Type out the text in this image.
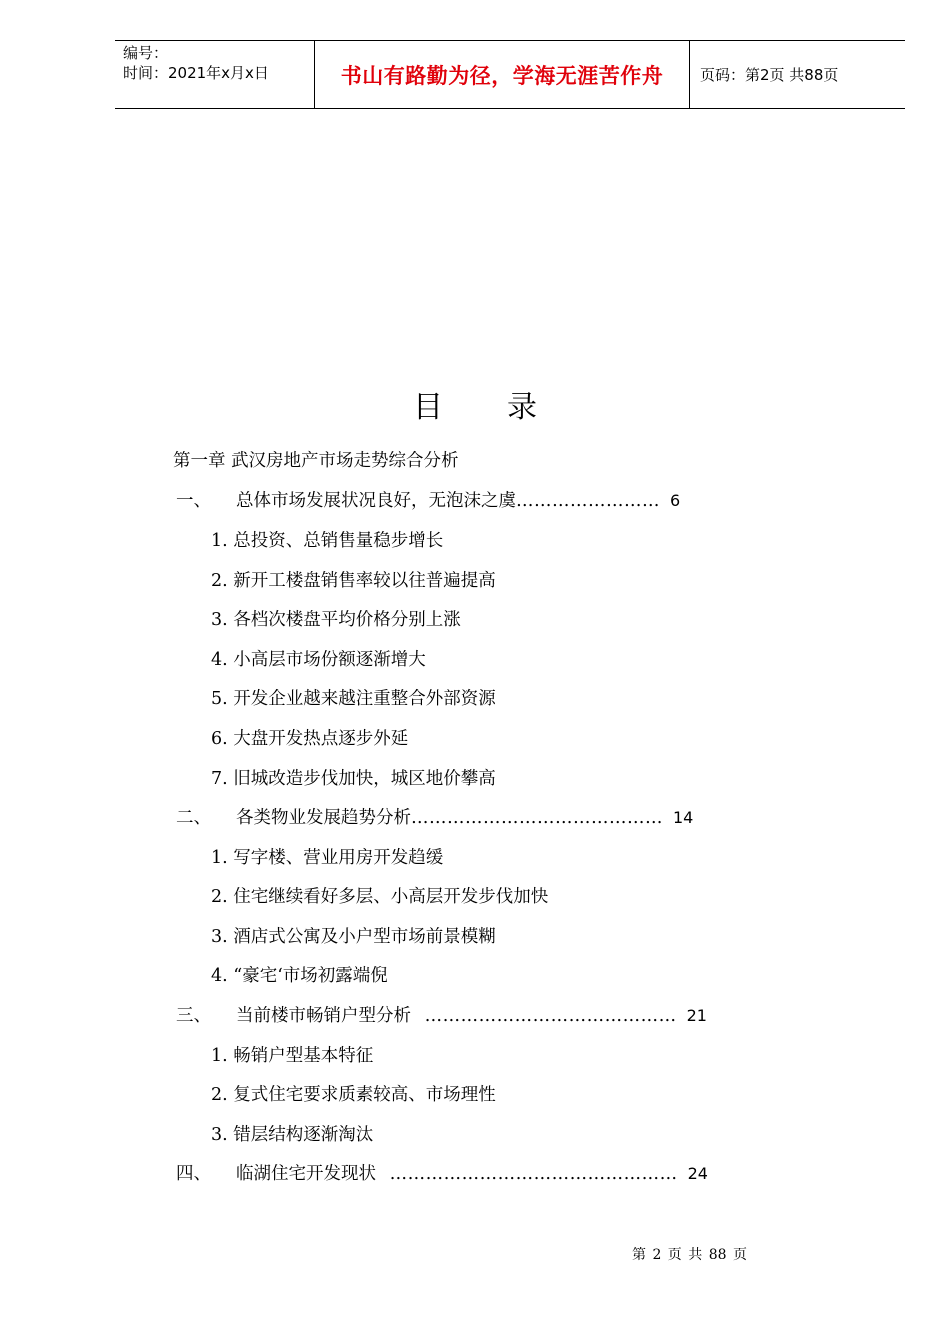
编号：
时间：2021年x月x日	书山有路勤为径，学海无涯苦作舟	页码：第2页 共88页
目录
第一章 武汉房地产市场走势综合分析
一、 总体市场发展状况良好，无泡沫之虞…………………… 6
1. 总投资、总销售量稳步增长
2. 新开工楼盘销售率较以往普遍提高
3. 各档次楼盘平均价格分别上涨
4. 小高层市场份额逐渐增大
5. 开发企业越来越注重整合外部资源
6. 大盘开发热点逐步外延
7. 旧城改造步伐加快，城区地价攀高
二、 各类物业发展趋势分析…………………………………… 14
1. 写字楼、营业用房开发趋缓
2. 住宅继续看好多层、小高层开发步伐加快
3. 酒店式公寓及小户型市场前景模糊
4. “豪宅‘市场初露端倪
三、 当前楼市畅销户型分析 …………………………………… 21
1. 畅销户型基本特征
2. 复式住宅要求质素较高、市场理性
3. 错层结构逐渐淘汰
四、 临湖住宅开发现状 ………………………………………… 24
第 2 页 共 88 页
